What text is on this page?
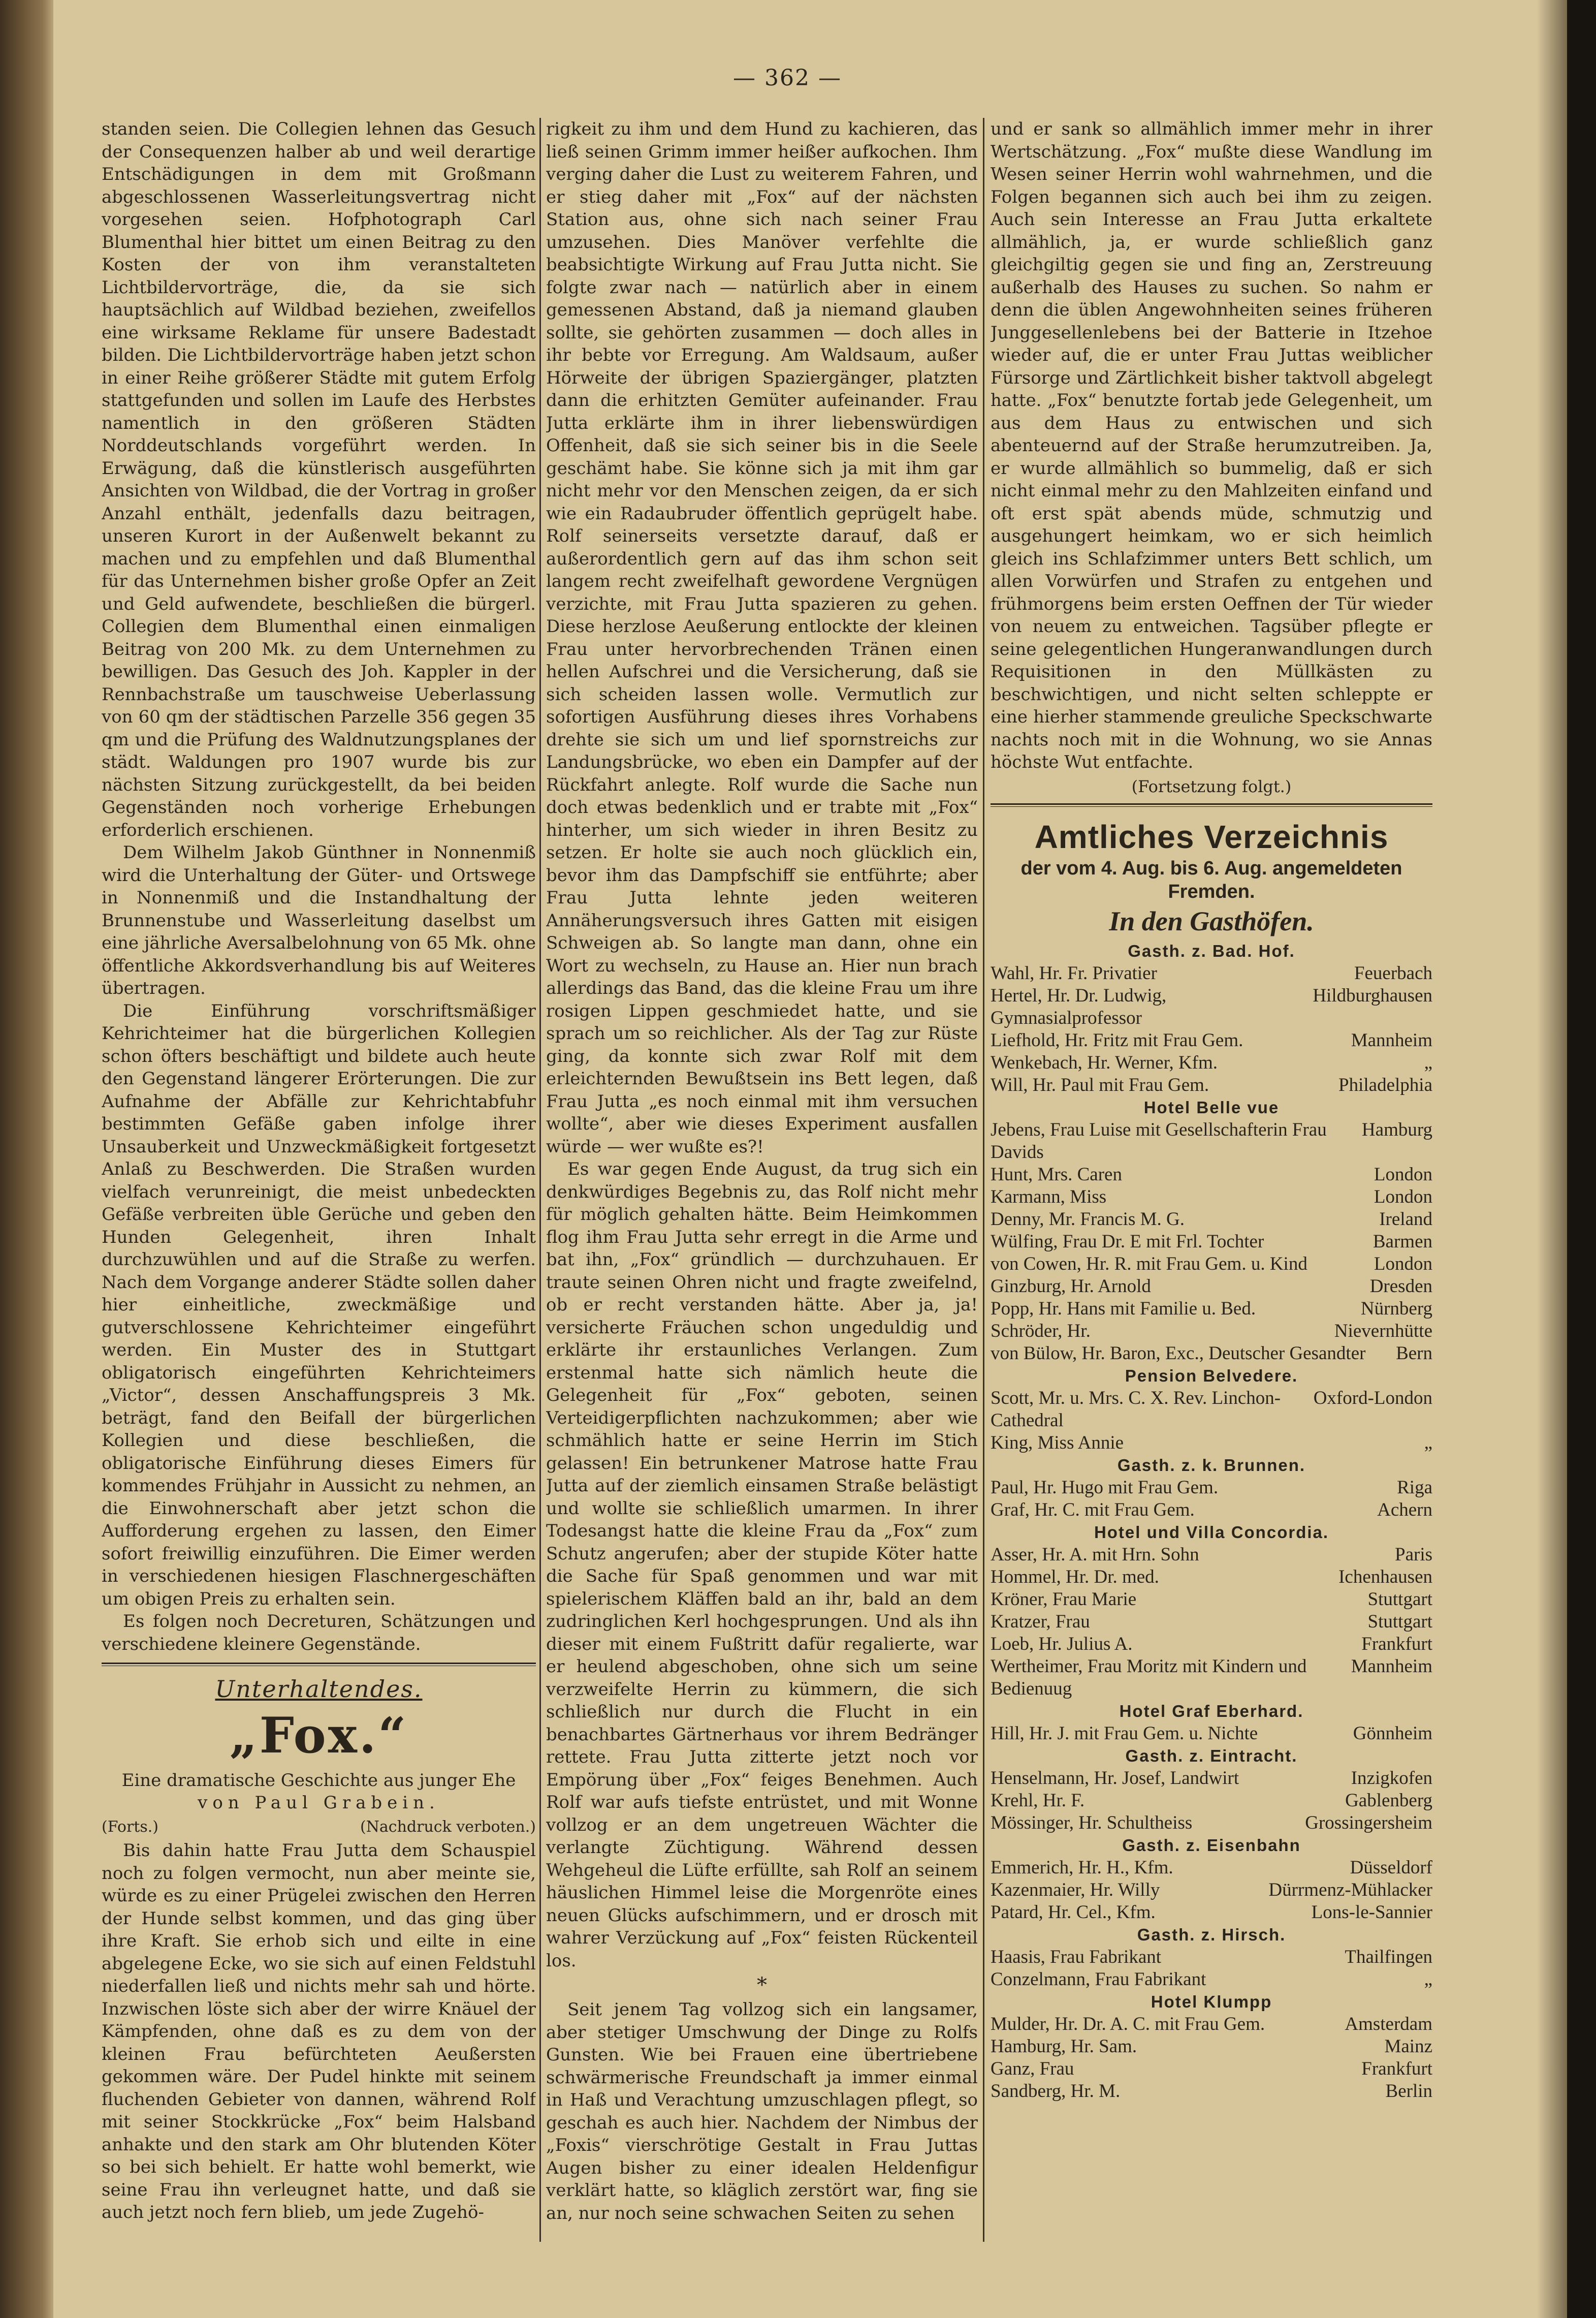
— 362 —

standen seien. Die Collegien lehnen das Gesuch der Consequenzen halber ab und weil derartige Entschädigungen in dem mit Großmann abgeschlossenen Wasserleitungsvertrag nicht vorgesehen seien. Hofphotograph Carl Blumenthal hier bittet um einen Beitrag zu den Kosten der von ihm veranstalteten Lichtbildervorträge, die, da sie sich hauptsächlich auf Wildbad beziehen, zweifellos eine wirksame Reklame für unsere Badestadt bilden. Die Lichtbildervorträge haben jetzt schon in einer Reihe größerer Städte mit gutem Erfolg stattgefunden und sollen im Laufe des Herbstes namentlich in den größeren Städten Norddeutschlands vorgeführt werden. In Erwägung, daß die künstlerisch ausgeführten Ansichten von Wildbad, die der Vortrag in großer Anzahl enthält, jedenfalls dazu beitragen, unseren Kurort in der Außenwelt bekannt zu machen und zu empfehlen und daß Blumenthal für das Unternehmen bisher große Opfer an Zeit und Geld aufwendete, beschließen die bürgerl. Collegien dem Blumenthal einen einmaligen Beitrag von 200 Mk. zu dem Unternehmen zu bewilligen. Das Gesuch des Joh. Kappler in der Rennbachstraße um tauschweise Ueberlassung von 60 qm der städtischen Parzelle 356 gegen 35 qm und die Prüfung des Waldnutzungsplanes der städt. Waldungen pro 1907 wurde bis zur nächsten Sitzung zurückgestellt, da bei beiden Gegenständen noch vorherige Erhebungen erforderlich erschienen.

Dem Wilhelm Jakob Günthner in Nonnenmiß wird die Unterhaltung der Güter- und Ortswege in Nonnenmiß und die Instandhaltung der Brunnenstube und Wasserleitung daselbst um eine jährliche Aversalbelohnung von 65 Mk. ohne öffentliche Akkordsverhandlung bis auf Weiteres übertragen.

Die Einführung vorschriftsmäßiger Kehrichteimer hat die bürgerlichen Kollegien schon öfters beschäftigt und bildete auch heute den Gegenstand längerer Erörterungen. Die zur Aufnahme der Abfälle zur Kehrichtabfuhr bestimmten Gefäße gaben infolge ihrer Unsauberkeit und Unzweckmäßigkeit fortgesetzt Anlaß zu Beschwerden. Die Straßen wurden vielfach verunreinigt, die meist unbedeckten Gefäße verbreiten üble Gerüche und geben den Hunden Gelegenheit, ihren Inhalt durchzuwühlen und auf die Straße zu werfen. Nach dem Vorgange anderer Städte sollen daher hier einheitliche, zweckmäßige und gutverschlossene Kehrichteimer eingeführt werden. Ein Muster des in Stuttgart obligatorisch eingeführten Kehrichteimers „Victor“, dessen Anschaffungspreis 3 Mk. beträgt, fand den Beifall der bürgerlichen Kollegien und diese beschließen, die obligatorische Einführung dieses Eimers für kommendes Frühjahr in Aussicht zu nehmen, an die Einwohnerschaft aber jetzt schon die Aufforderung ergehen zu lassen, den Eimer sofort freiwillig einzuführen. Die Eimer werden in verschiedenen hiesigen Flaschnergeschäften um obigen Preis zu erhalten sein.

Es folgen noch Decreturen, Schätzungen und verschiedene kleinere Gegenstände.

Unterhaltendes.
„Fox.“

Eine dramatische Geschichte aus junger Ehe

von Paul Grabein.

(Forts.)	(Nachdruck verboten.)

Bis dahin hatte Frau Jutta dem Schauspiel noch zu folgen vermocht, nun aber meinte sie, würde es zu einer Prügelei zwischen den Herren der Hunde selbst kommen, und das ging über ihre Kraft. Sie erhob sich und eilte in eine abgelegene Ecke, wo sie sich auf einen Feldstuhl niederfallen ließ und nichts mehr sah und hörte. Inzwischen löste sich aber der wirre Knäuel der Kämpfenden, ohne daß es zu dem von der kleinen Frau befürchteten Aeußersten gekommen wäre. Der Pudel hinkte mit seinem fluchenden Gebieter von dannen, während Rolf mit seiner Stockkrücke „Fox“ beim Halsband anhakte und den stark am Ohr blutenden Köter so bei sich behielt. Er hatte wohl bemerkt, wie seine Frau ihn verleugnet hatte, und daß sie auch jetzt noch fern blieb, um jede Zugehö-

rigkeit zu ihm und dem Hund zu kachieren, das ließ seinen Grimm immer heißer aufkochen. Ihm verging daher die Lust zu weiterem Fahren, und er stieg daher mit „Fox“ auf der nächsten Station aus, ohne sich nach seiner Frau umzusehen. Dies Manöver verfehlte die beabsichtigte Wirkung auf Frau Jutta nicht. Sie folgte zwar nach — natürlich aber in einem gemessenen Abstand, daß ja niemand glauben sollte, sie gehörten zusammen — doch alles in ihr bebte vor Erregung. Am Waldsaum, außer Hörweite der übrigen Spaziergänger, platzten dann die erhitzten Gemüter aufeinander. Frau Jutta erklärte ihm in ihrer liebenswürdigen Offenheit, daß sie sich seiner bis in die Seele geschämt habe. Sie könne sich ja mit ihm gar nicht mehr vor den Menschen zeigen, da er sich wie ein Radaubruder öffentlich geprügelt habe. Rolf seinerseits versetzte darauf, daß er außerordentlich gern auf das ihm schon seit langem recht zweifelhaft gewordene Vergnügen verzichte, mit Frau Jutta spazieren zu gehen. Diese herzlose Aeußerung entlockte der kleinen Frau unter hervorbrechenden Tränen einen hellen Aufschrei und die Versicherung, daß sie sich scheiden lassen wolle. Vermutlich zur sofortigen Ausführung dieses ihres Vorhabens drehte sie sich um und lief spornstreichs zur Landungsbrücke, wo eben ein Dampfer auf der Rückfahrt anlegte. Rolf wurde die Sache nun doch etwas bedenklich und er trabte mit „Fox“ hinterher, um sich wieder in ihren Besitz zu setzen. Er holte sie auch noch glücklich ein, bevor ihm das Dampfschiff sie entführte; aber Frau Jutta lehnte jeden weiteren Annäherungsversuch ihres Gatten mit eisigen Schweigen ab. So langte man dann, ohne ein Wort zu wechseln, zu Hause an. Hier nun brach allerdings das Band, das die kleine Frau um ihre rosigen Lippen geschmiedet hatte, und sie sprach um so reichlicher. Als der Tag zur Rüste ging, da konnte sich zwar Rolf mit dem erleichternden Bewußtsein ins Bett legen, daß Frau Jutta „es noch einmal mit ihm versuchen wollte“, aber wie dieses Experiment ausfallen würde — wer wußte es?!

Es war gegen Ende August, da trug sich ein denkwürdiges Begebnis zu, das Rolf nicht mehr für möglich gehalten hätte. Beim Heimkommen flog ihm Frau Jutta sehr erregt in die Arme und bat ihn, „Fox“ gründlich — durchzuhauen. Er traute seinen Ohren nicht und fragte zweifelnd, ob er recht verstanden hätte. Aber ja, ja! versicherte Fräuchen schon ungeduldig und erklärte ihr erstaunliches Verlangen. Zum erstenmal hatte sich nämlich heute die Gelegenheit für „Fox“ geboten, seinen Verteidigerpflichten nachzukommen; aber wie schmählich hatte er seine Herrin im Stich gelassen! Ein betrunkener Matrose hatte Frau Jutta auf der ziemlich einsamen Straße belästigt und wollte sie schließlich umarmen. In ihrer Todesangst hatte die kleine Frau da „Fox“ zum Schutz angerufen; aber der stupide Köter hatte die Sache für Spaß genommen und war mit spielerischem Kläffen bald an ihr, bald an dem zudringlichen Kerl hochgesprungen. Und als ihn dieser mit einem Fußtritt dafür regalierte, war er heulend abgeschoben, ohne sich um seine verzweifelte Herrin zu kümmern, die sich schließlich nur durch die Flucht in ein benachbartes Gärtnerhaus vor ihrem Bedränger rettete. Frau Jutta zitterte jetzt noch vor Empörung über „Fox“ feiges Benehmen. Auch Rolf war aufs tiefste entrüstet, und mit Wonne vollzog er an dem ungetreuen Wächter die verlangte Züchtigung. Während dessen Wehgeheul die Lüfte erfüllte, sah Rolf an seinem häuslichen Himmel leise die Morgenröte eines neuen Glücks aufschimmern, und er drosch mit wahrer Verzückung auf „Fox“ feisten Rückenteil los.

*

Seit jenem Tag vollzog sich ein langsamer, aber stetiger Umschwung der Dinge zu Rolfs Gunsten. Wie bei Frauen eine übertriebene schwärmerische Freundschaft ja immer einmal in Haß und Verachtung umzuschlagen pflegt, so geschah es auch hier. Nachdem der Nimbus der „Foxis“ vierschrötige Gestalt in Frau Juttas Augen bisher zu einer idealen Heldenfigur verklärt hatte, so kläglich zerstört war, fing sie an, nur noch seine schwachen Seiten zu sehen

und er sank so allmählich immer mehr in ihrer Wertschätzung. „Fox“ mußte diese Wandlung im Wesen seiner Herrin wohl wahrnehmen, und die Folgen begannen sich auch bei ihm zu zeigen. Auch sein Interesse an Frau Jutta erkaltete allmählich, ja, er wurde schließlich ganz gleichgiltig gegen sie und fing an, Zerstreuung außerhalb des Hauses zu suchen. So nahm er denn die üblen Angewohnheiten seines früheren Junggesellenlebens bei der Batterie in Itzehoe wieder auf, die er unter Frau Juttas weiblicher Fürsorge und Zärtlichkeit bisher taktvoll abgelegt hatte. „Fox“ benutzte fortab jede Gelegenheit, um aus dem Haus zu entwischen und sich abenteuernd auf der Straße herumzutreiben. Ja, er wurde allmählich so bummelig, daß er sich nicht einmal mehr zu den Mahlzeiten einfand und oft erst spät abends müde, schmutzig und ausgehungert heimkam, wo er sich heimlich gleich ins Schlafzimmer unters Bett schlich, um allen Vorwürfen und Strafen zu entgehen und frühmorgens beim ersten Oeffnen der Tür wieder von neuem zu entweichen. Tagsüber pflegte er seine gelegentlichen Hungeranwandlungen durch Requisitionen in den Müllkästen zu beschwichtigen, und nicht selten schleppte er eine hierher stammende greuliche Speckschwarte nachts noch mit in die Wohnung, wo sie Annas höchste Wut entfachte.

(Fortsetzung folgt.)

Amtliches Verzeichnis

der vom 4. Aug. bis 6. Aug. angemeldeten Fremden.

In den Gasthöfen.

Gasth. z. Bad. Hof.

Feuerbach
Wahl, Hr. Fr. Privatier
Hildburghausen
Hertel, Hr. Dr. Ludwig, Gymnasialprofessor
Mannheim
Liefhold, Hr. Fritz mit Frau Gem.
„
Wenkebach, Hr. Werner, Kfm.
Philadelphia
Will, Hr. Paul mit Frau Gem.

Hotel Belle vue

Hamburg
Jebens, Frau Luise mit Gesellschafterin Frau Davids
London
Hunt, Mrs. Caren
London
Karmann, Miss
Ireland
Denny, Mr. Francis M. G.
Barmen
Wülfing, Frau Dr. E mit Frl. Tochter
London
von Cowen, Hr. R. mit Frau Gem. u. Kind
Dresden
Ginzburg, Hr. Arnold
Nürnberg
Popp, Hr. Hans mit Familie u. Bed.
Nievernhütte
Schröder, Hr.
Bern
von Bülow, Hr. Baron, Exc., Deutscher Gesandter

Pension Belvedere.

Oxford-London
Scott, Mr. u. Mrs. C. X. Rev. Linchon-Cathedral
„
King, Miss Annie

Gasth. z. k. Brunnen.

Riga
Paul, Hr. Hugo mit Frau Gem.
Achern
Graf, Hr. C. mit Frau Gem.

Hotel und Villa Concordia.

Paris
Asser, Hr. A. mit Hrn. Sohn
Ichenhausen
Hommel, Hr. Dr. med.
Stuttgart
Kröner, Frau Marie
Stuttgart
Kratzer, Frau
Frankfurt
Loeb, Hr. Julius A.
Mannheim
Wertheimer, Frau Moritz mit Kindern und Bedienuug

Hotel Graf Eberhard.

Gönnheim
Hill, Hr. J. mit Frau Gem. u. Nichte

Gasth. z. Eintracht.

Inzigkofen
Henselmann, Hr. Josef, Landwirt
Gablenberg
Krehl, Hr. F.
Grossingersheim
Mössinger, Hr. Schultheiss

Gasth. z. Eisenbahn

Düsseldorf
Emmerich, Hr. H., Kfm.
Dürrmenz-Mühlacker
Kazenmaier, Hr. Willy
Lons-le-Sannier
Patard, Hr. Cel., Kfm.

Gasth. z. Hirsch.

Thailfingen
Haasis, Frau Fabrikant
„
Conzelmann, Frau Fabrikant

Hotel Klumpp

Amsterdam
Mulder, Hr. Dr. A. C. mit Frau Gem.
Mainz
Hamburg, Hr. Sam.
Frankfurt
Ganz, Frau
Berlin
Sandberg, Hr. M.
